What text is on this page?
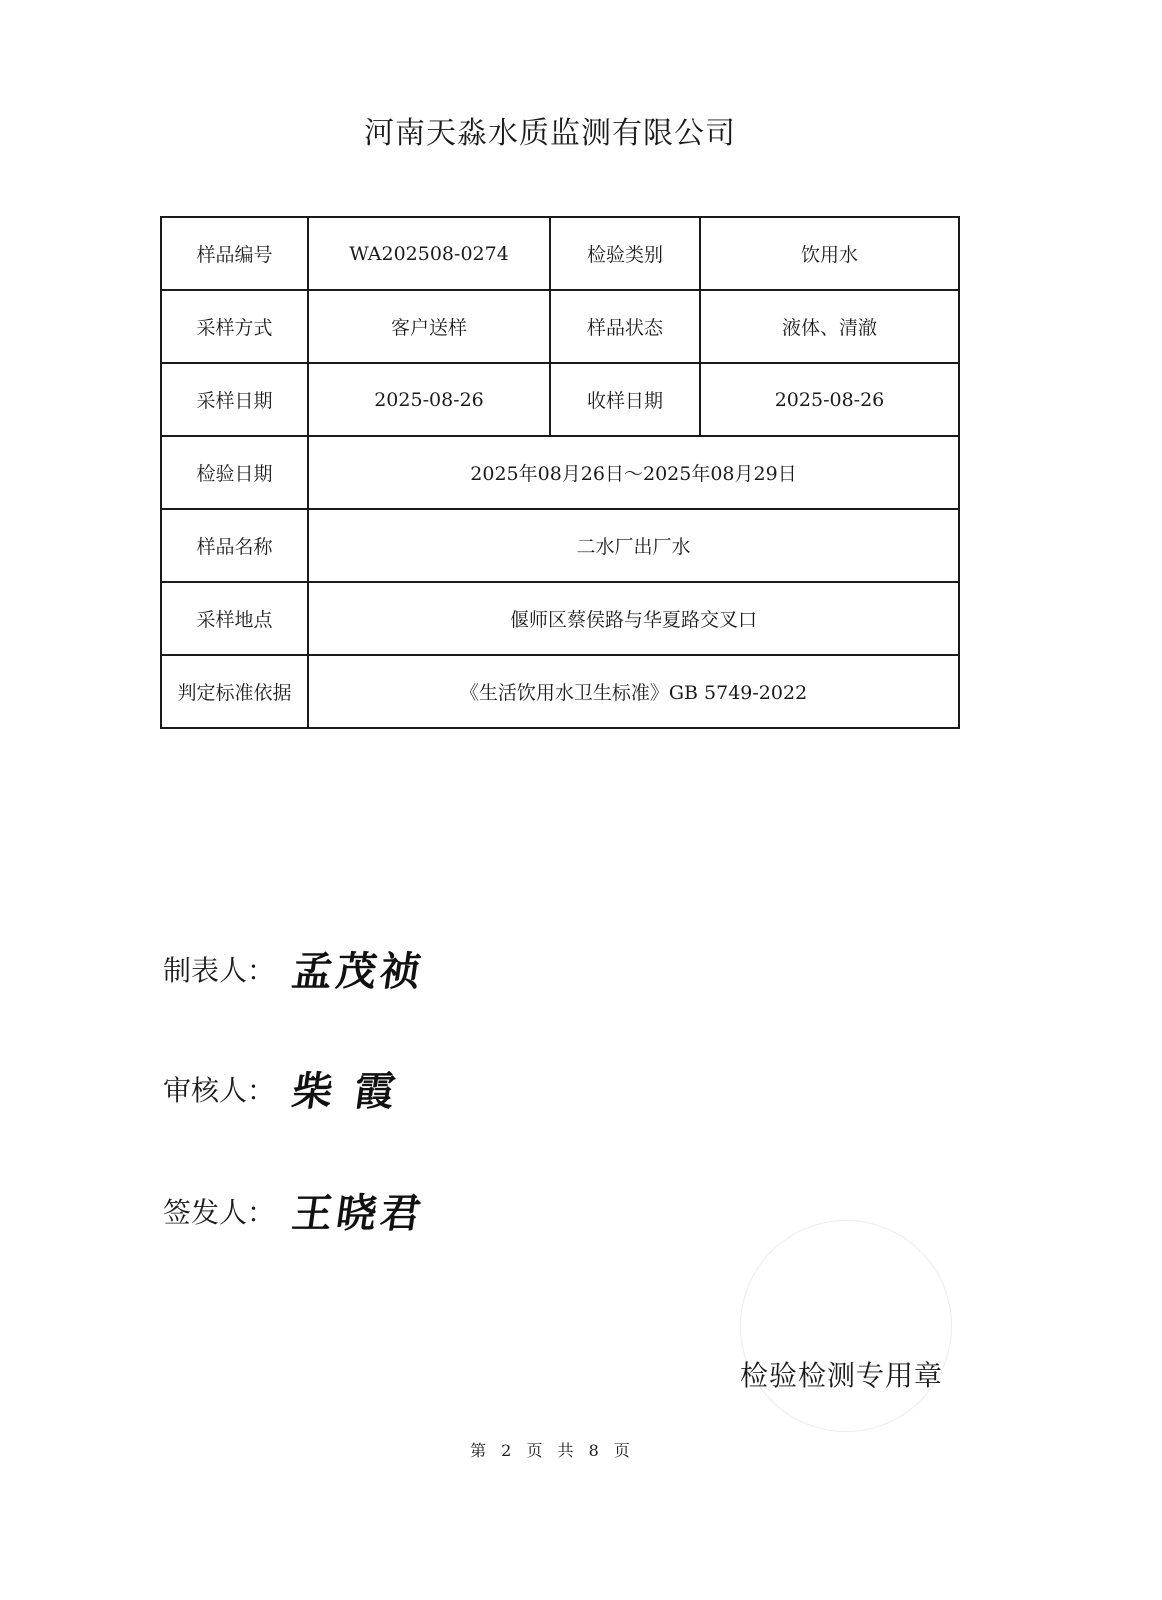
河南天淼水质监测有限公司
样品编号	WA202508-0274	检验类别	饮用水
采样方式	客户送样	样品状态	液体、清澈
采样日期	2025-08-26	收样日期	2025-08-26
检验日期	2025年08月26日～2025年08月29日		
样品名称	二水厂出厂水		
采样地点	偃师区蔡侯路与华夏路交叉口		
判定标准依据	《生活饮用水卫生标准》GB 5749-2022		
制表人： 孟茂祯
审核人： 柴霞
签发人： 王晓君
检验检测专用章
第 2 页 共 8 页
